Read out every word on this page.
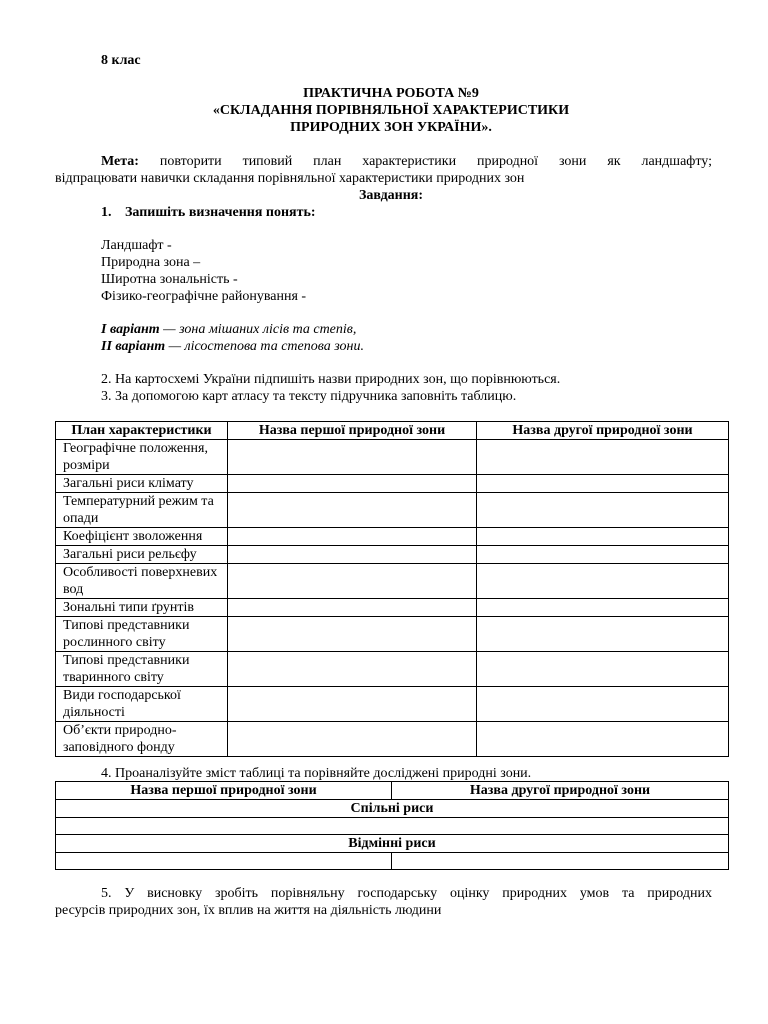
8 клас
ПРАКТИЧНА РОБОТА №9
«СКЛАДАННЯ ПОРІВНЯЛЬНОЇ ХАРАКТЕРИСТИКИ
ПРИРОДНИХ ЗОН УКРАЇНИ».
Мета: повторити типовий план характеристики природної зони як ландшафту;
відпрацювати навички складання порівняльної характеристики природних зон
Завдання:
1. Запишіть визначення понять:
Ландшафт -
Природна зона –
Широтна зональність -
Фізико-географічне районування -
І варіант — зона мішаних лісів та степів,
ІІ варіант — лісостепова та степова зони.
2. На картосхемі України підпишіть назви природних зон, що порівнюються.
3. За допомогою карт атласу та тексту підручника заповніть таблицю.
План характеристики	Назва першої природної зони	Назва другої природної зони
Географічне положення, розміри		
Загальні риси клімату		
Температурний режим та опади		
Коефіцієнт зволоження		
Загальні риси рельєфу		
Особливості поверхневих вод		
Зональні типи ґрунтів		
Типові представники рослинного світу		
Типові представники тваринного світу		
Види господарської діяльності		
Об’єкти природно-заповідного фонду		
4. Проаналізуйте зміст таблиці та порівняйте досліджені природні зони.
Назва першої природної зони	Назва другої природної зони
Спільні риси	

Відмінні риси	

5. У висновку зробіть порівняльну господарську оцінку природних умов та природних
ресурсів природних зон, їх вплив на життя на діяльність людини
